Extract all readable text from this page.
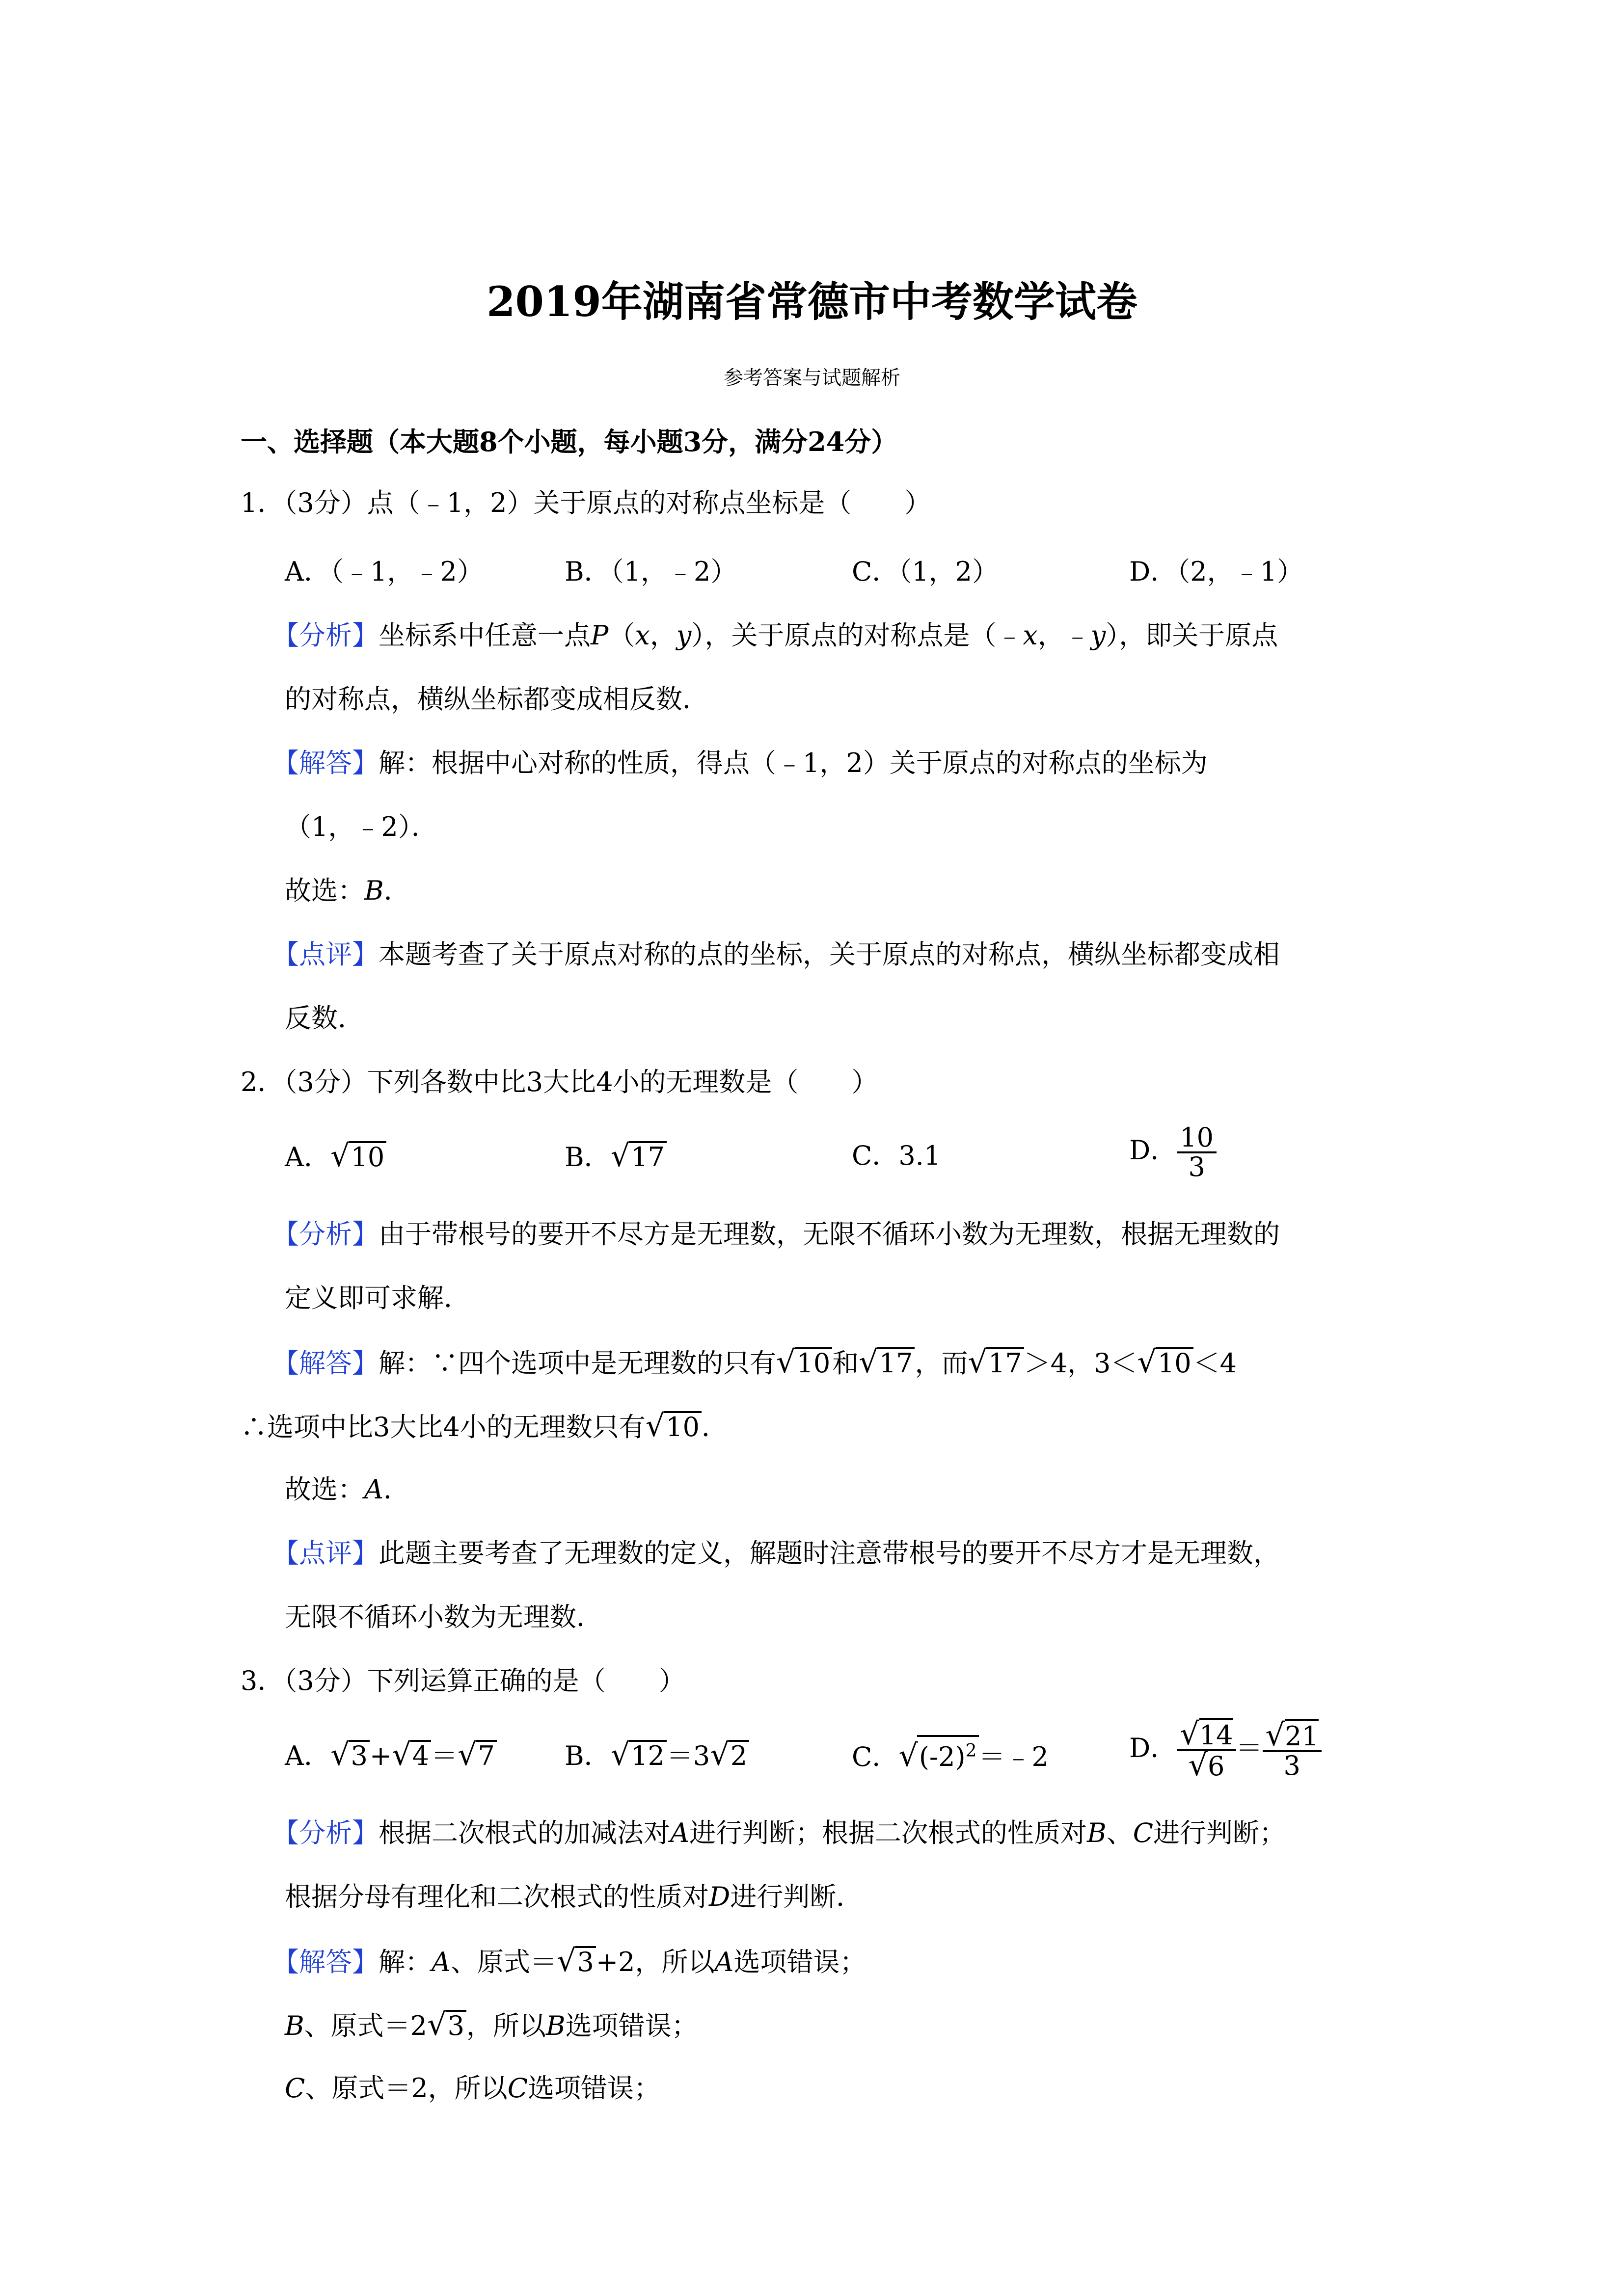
2019年湖南省常德市中考数学试卷
参考答案与试题解析
一、选择题（本大题8个小题，每小题3分，满分24分）
1．（3分）点（﹣1，2）关于原点的对称点坐标是（　　）
A．（﹣1，﹣2）	B．（1，﹣2）	C．（1，2）	D．（2，﹣1）
【分析】坐标系中任意一点P（x，y），关于原点的对称点是（﹣x，﹣y），即关于原点
的对称点，横纵坐标都变成相反数．
【解答】解：根据中心对称的性质，得点（﹣1，2）关于原点的对称点的坐标为
（1，﹣2）．
故选：B．
【点评】本题考查了关于原点对称的点的坐标，关于原点的对称点，横纵坐标都变成相
反数．
2．（3分）下列各数中比3大比4小的无理数是（　　）
A．√10	B．√17	C．3.1	D． $\frac{10}{3}$
【分析】由于带根号的要开不尽方是无理数，无限不循环小数为无理数，根据无理数的
定义即可求解．
【解答】解：∵四个选项中是无理数的只有√10和√17，而√17＞4，3＜√10＜4
∴选项中比3大比4小的无理数只有√10．
故选：A．
【点评】此题主要考查了无理数的定义，解题时注意带根号的要开不尽方才是无理数，
无限不循环小数为无理数．
3．（3分）下列运算正确的是（　　）
A．√3+√4＝√7	B．√12＝3√2	C．$√(-2)^2=﹣2$	D． $\frac{√14}{√6} = \frac{√21}{3}$
【分析】根据二次根式的加减法对A进行判断；根据二次根式的性质对B、C进行判断；
根据分母有理化和二次根式的性质对D进行判断．
【解答】解：A、原式＝√3+2，所以A选项错误；
B、原式＝2√3，所以B选项错误；
C、原式＝2，所以C选项错误；
